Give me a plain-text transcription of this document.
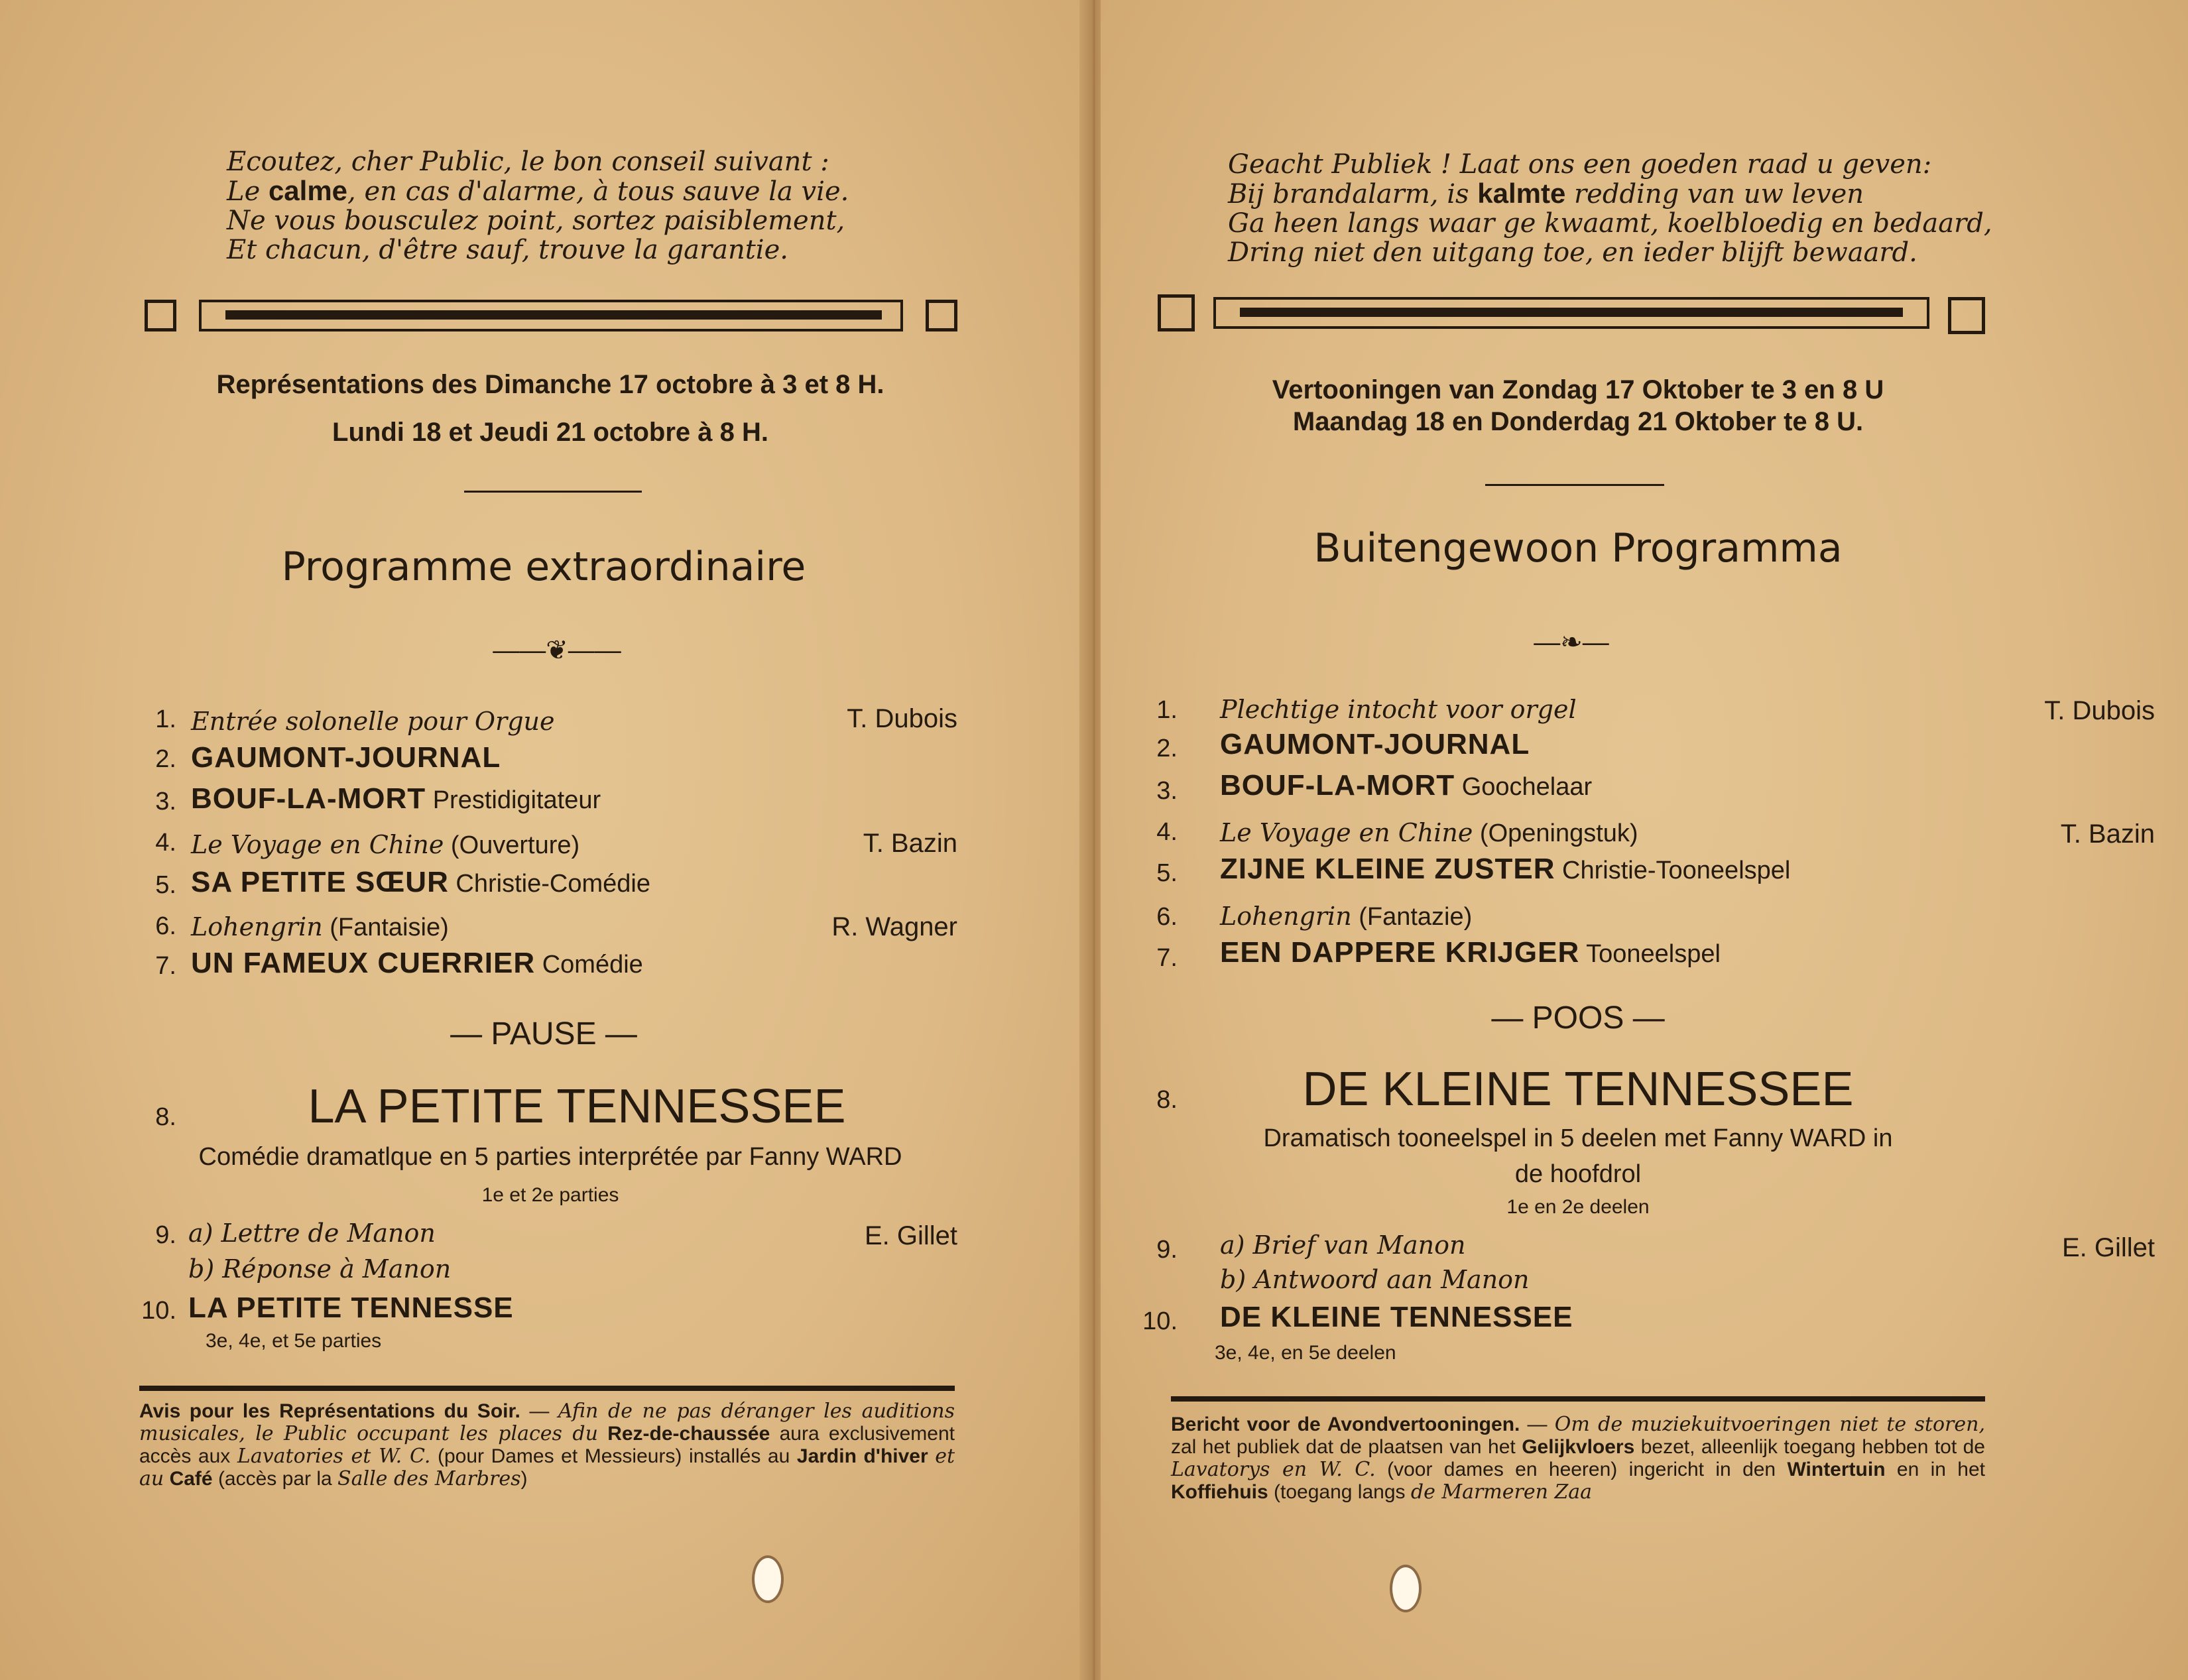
Ecoutez, cher Public, le bon conseil suivant :
Le calme, en cas d'alarme, à tous sauve la vie.
Ne vous bousculez point, sortez paisiblement,
Et chacun, d'être sauf, trouve la garantie.
Représentations des Dimanche 17 octobre à 3 et 8 H.
Lundi 18 et Jeudi 21 octobre à 8 H.
Programme extraordinaire
——❦——
1. Entrée solonelle pour Orgue	T. Dubois
2. GAUMONT-JOURNAL
3. BOUF-LA-MORT Prestidigitateur
4. Le Voyage en Chine (Ouverture)	T. Bazin
5. SA PETITE SŒUR Christie-Comédie
6. Lohengrin (Fantaisie)	R. Wagner
7. UN FAMEUX CUERRIER Comédie
— PAUSE —
8.	LA PETITE TENNESSEE
Comédie dramatlque en 5 parties interprétée par Fanny WARD
1e et 2e parties
9. a) Lettre de Manon	E. Gillet
b) Réponse à Manon
10. LA PETITE TENNESSE
3e, 4e, et 5e parties
Avis pour les Représentations du Soir. — Afin de ne pas déranger les auditions musicales, le Public occupant les places du Rez-de-chaussée aura exclusivement accès aux Lavatories et W. C. (pour Dames et Messieurs) installés au Jardin d'hiver et au Café (accès par la Salle des Marbres)
Geacht Publiek ! Laat ons een goeden raad u geven:
Bij brandalarm, is kalmte redding van uw leven
Ga heen langs waar ge kwaamt, koelbloedig en bedaard,
Dring niet den uitgang toe, en ieder blijft bewaard.
Vertooningen van Zondag 17 Oktober te 3 en 8 U
Maandag 18 en Donderdag 21 Oktober te 8 U.
Buitengewoon Programma
—❧—
1. Plechtige intocht voor orgel	T. Dubois
2. GAUMONT-JOURNAL
3. BOUF-LA-MORT Goochelaar
4. Le Voyage en Chine (Openingstuk)	T. Bazin
5. ZIJNE KLEINE ZUSTER Christie-Tooneelspel
6. Lohengrin (Fantazie)
7. EEN DAPPERE KRIJGER Tooneelspel
— POOS —
8.	DE KLEINE TENNESSEE
Dramatisch tooneelspel in 5 deelen met Fanny WARD in
de hoofdrol
1e en 2e deelen
9. a) Brief van Manon	E. Gillet
b) Antwoord aan Manon
10. DE KLEINE TENNESSEE
3e, 4e, en 5e deelen
Bericht voor de Avondvertooningen. — Om de muziekuitvoeringen niet te storen, zal het publiek dat de plaatsen van het Gelijkvloers bezet, alleenlijk toegang hebben tot de Lavatorys en W. C. (voor dames en heeren) ingericht in den Wintertuin en in het Koffiehuis (toegang langs de Marmeren Zaa
